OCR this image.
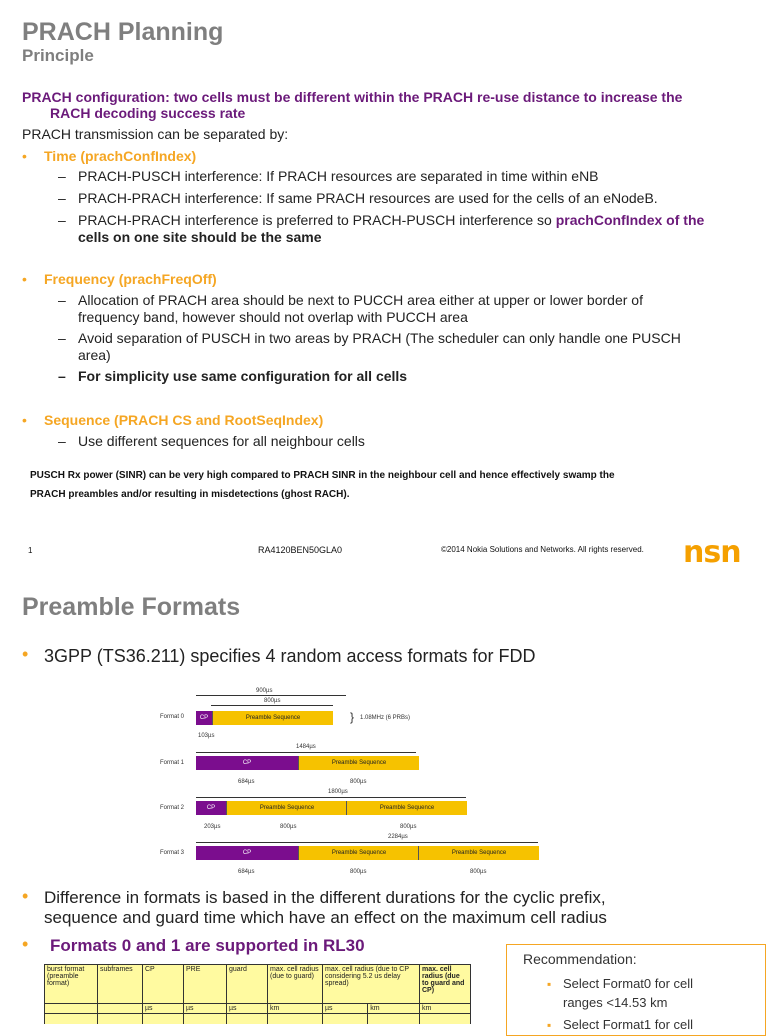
PRACH Planning
Principle
PRACH configuration: two cells must be different within the PRACH re-use distance to increase the
RACH decoding success rate
PRACH transmission can be separated by:
• Time (prachConfIndex)
– PRACH-PUSCH interference: If PRACH resources are separated in time within eNB
– PRACH-PRACH interference: If same PRACH resources are used for the cells of an eNodeB.
– PRACH-PRACH interference is preferred to PRACH-PUSCH interference so prachConfIndex of the
cells on one site should be the same
• Frequency (prachFreqOff)
– Allocation of PRACH area should be next to PUCCH area either at upper or lower border of
frequency band, however should not overlap with PUCCH area
– Avoid separation of PUSCH in two areas by PRACH (The scheduler can only handle one PUSCH
area)
– For simplicity use same configuration for all cells
• Sequence (PRACH CS and RootSeqIndex)
– Use different sequences for all neighbour cells
PUSCH Rx power (SINR) can be very high compared to PRACH SINR in the neighbour cell and hence effectively swamp the
PRACH preambles and/or resulting in misdetections (ghost RACH).
1	RA4120BEN50GLA0	©2014 Nokia Solutions and Networks. All rights reserved. nsn
Preamble Formats
• 3GPP (TS36.211) specifies 4 random access formats for FDD
Format 0
900µs
800µs
CP	Preamble Sequence
103µs
} 1.08MHz (6 PRBs)
1484µs
Format 1	CP	Preamble Sequence
684µs	800µs
1800µs
Format 2	CP	Preamble Sequence	Preamble Sequence
203µs	800µs	800µs
2284µs
Format 3	CP	Preamble Sequence	Preamble Sequence
684µs	800µs	800µs
• Difference in formats is based in the different durations for the cyclic prefix,
sequence and guard time which have an effect on the maximum cell radius
• Formats 0 and 1 are supported in RL30
burst format (preamble format)	subframes	CP	PRE	guard	max. cell radius (due to guard)	max. cell radius (due to CP considering 5.2 us delay spread)		max. cell radius (due to guard and CP)
		µs	µs	µs	km	µs	km	km

Recommendation:
▪ Select Format0 for cell
ranges <14.53 km
▪ Select Format1 for cell
